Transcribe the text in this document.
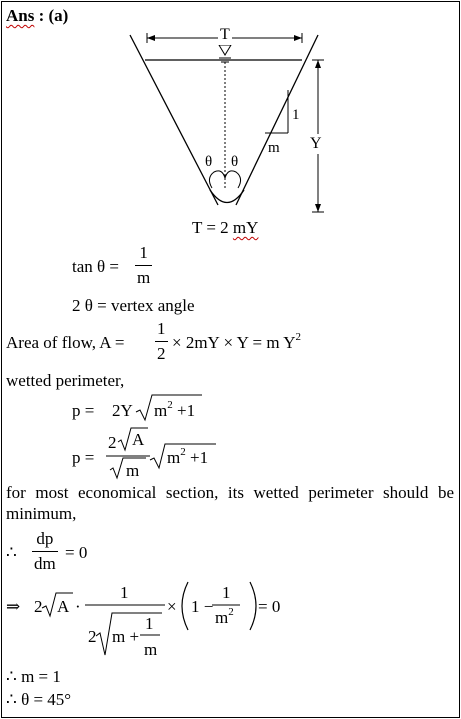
Ans : (a)
T
1
m Y
θ θ
T = 2 mY
tan θ =
1
m
2 θ = vertex angle
Area of flow, A =
1
2
× 2mY × Y = m $Y^2$
wetted perimeter,
p = 2Y $m^2 +1$
p =
2 A
m
$m^2 +1$
for most economical section, its wetted perimeter should be minimum,
∴
dp
dm
= 0
⇒ 2 A ·
1
2 m +
1
m
× 1 −
1
$m^2 = 0$
∴ m = 1
∴ θ = 45°
